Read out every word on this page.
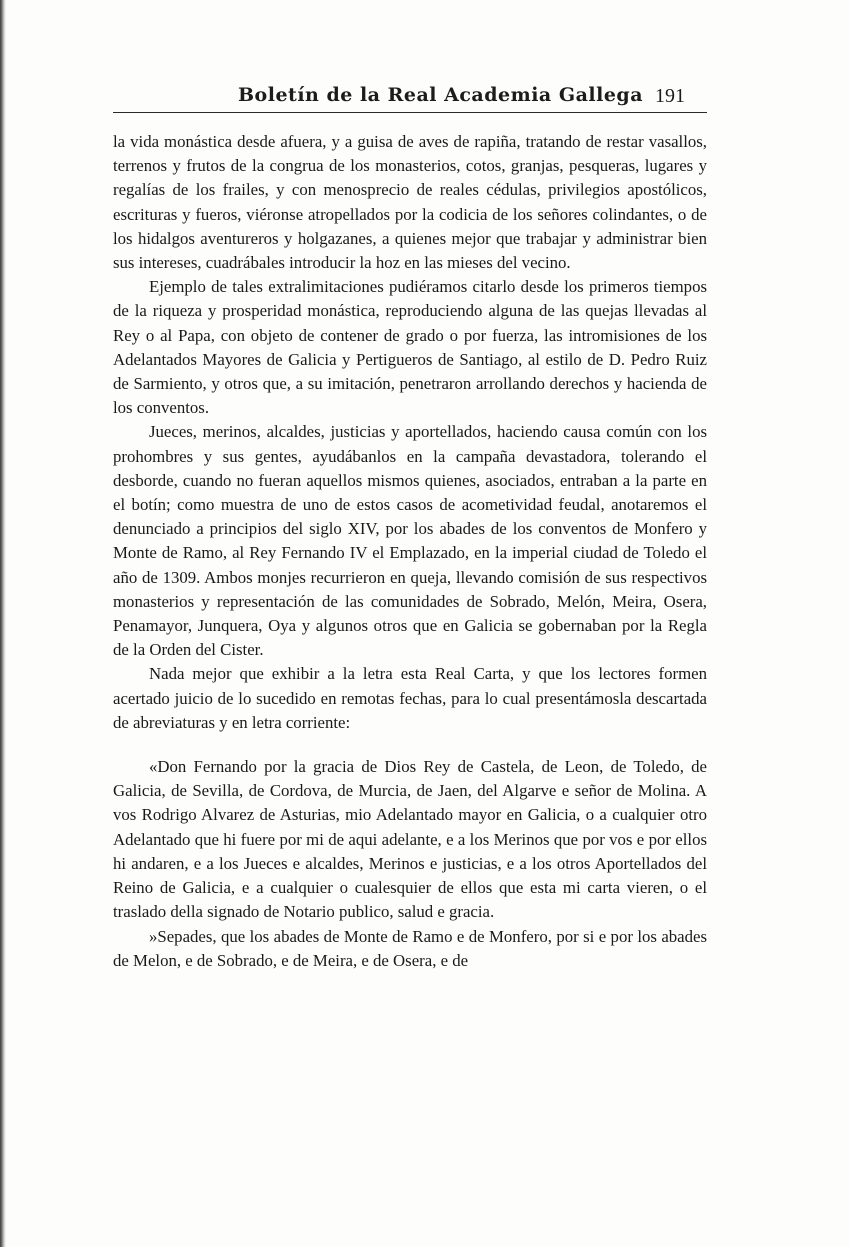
Boletín de la Real Academia Gallega 191

la vida monástica desde afuera, y a guisa de aves de rapiña, tratando de restar vasallos, terrenos y frutos de la congrua de los monasterios, cotos, granjas, pesqueras, lugares y regalías de los frailes, y con menosprecio de reales cédulas, privilegios apostólicos, escrituras y fueros, viéronse atropellados por la codicia de los señores colindantes, o de los hidalgos aventureros y holgazanes, a quienes mejor que trabajar y administrar bien sus intereses, cuadrábales introducir la hoz en las mieses del vecino.

Ejemplo de tales extralimitaciones pudiéramos citarlo desde los primeros tiempos de la riqueza y prosperidad monástica, reproduciendo alguna de las quejas llevadas al Rey o al Papa, con objeto de contener de grado o por fuerza, las intromisiones de los Adelantados Mayores de Galicia y Pertigueros de Santiago, al estilo de D. Pedro Ruiz de Sarmiento, y otros que, a su imitación, penetraron arrollando derechos y hacienda de los conventos.

Jueces, merinos, alcaldes, justicias y aportellados, haciendo causa común con los prohombres y sus gentes, ayudábanlos en la campaña devastadora, tolerando el desborde, cuando no fueran aquellos mismos quienes, asociados, entraban a la parte en el botín; como muestra de uno de estos casos de acometividad feudal, anotaremos el denunciado a principios del siglo XIV, por los abades de los conventos de Monfero y Monte de Ramo, al Rey Fernando IV el Emplazado, en la imperial ciudad de Toledo el año de 1309. Ambos monjes recurrieron en queja, llevando comisión de sus respectivos monasterios y representación de las comunidades de Sobrado, Melón, Meira, Osera, Penamayor, Junquera, Oya y algunos otros que en Galicia se gobernaban por la Regla de la Orden del Cister.

Nada mejor que exhibir a la letra esta Real Carta, y que los lectores formen acertado juicio de lo sucedido en remotas fechas, para lo cual presentámosla descartada de abreviaturas y en letra corriente:

«Don Fernando por la gracia de Dios Rey de Castela, de Leon, de Toledo, de Galicia, de Sevilla, de Cordova, de Murcia, de Jaen, del Algarve e señor de Molina. A vos Rodrigo Alvarez de Asturias, mio Adelantado mayor en Galicia, o a cualquier otro Adelantado que hi fuere por mi de aqui adelante, e a los Merinos que por vos e por ellos hi andaren, e a los Jueces e alcaldes, Merinos e justicias, e a los otros Aportellados del Reino de Galicia, e a cualquier o cualesquier de ellos que esta mi carta vieren, o el traslado della signado de Notario publico, salud e gracia.

»Sepades, que los abades de Monte de Ramo e de Monfero, por si e por los abades de Melon, e de Sobrado, e de Meira, e de Osera, e de
